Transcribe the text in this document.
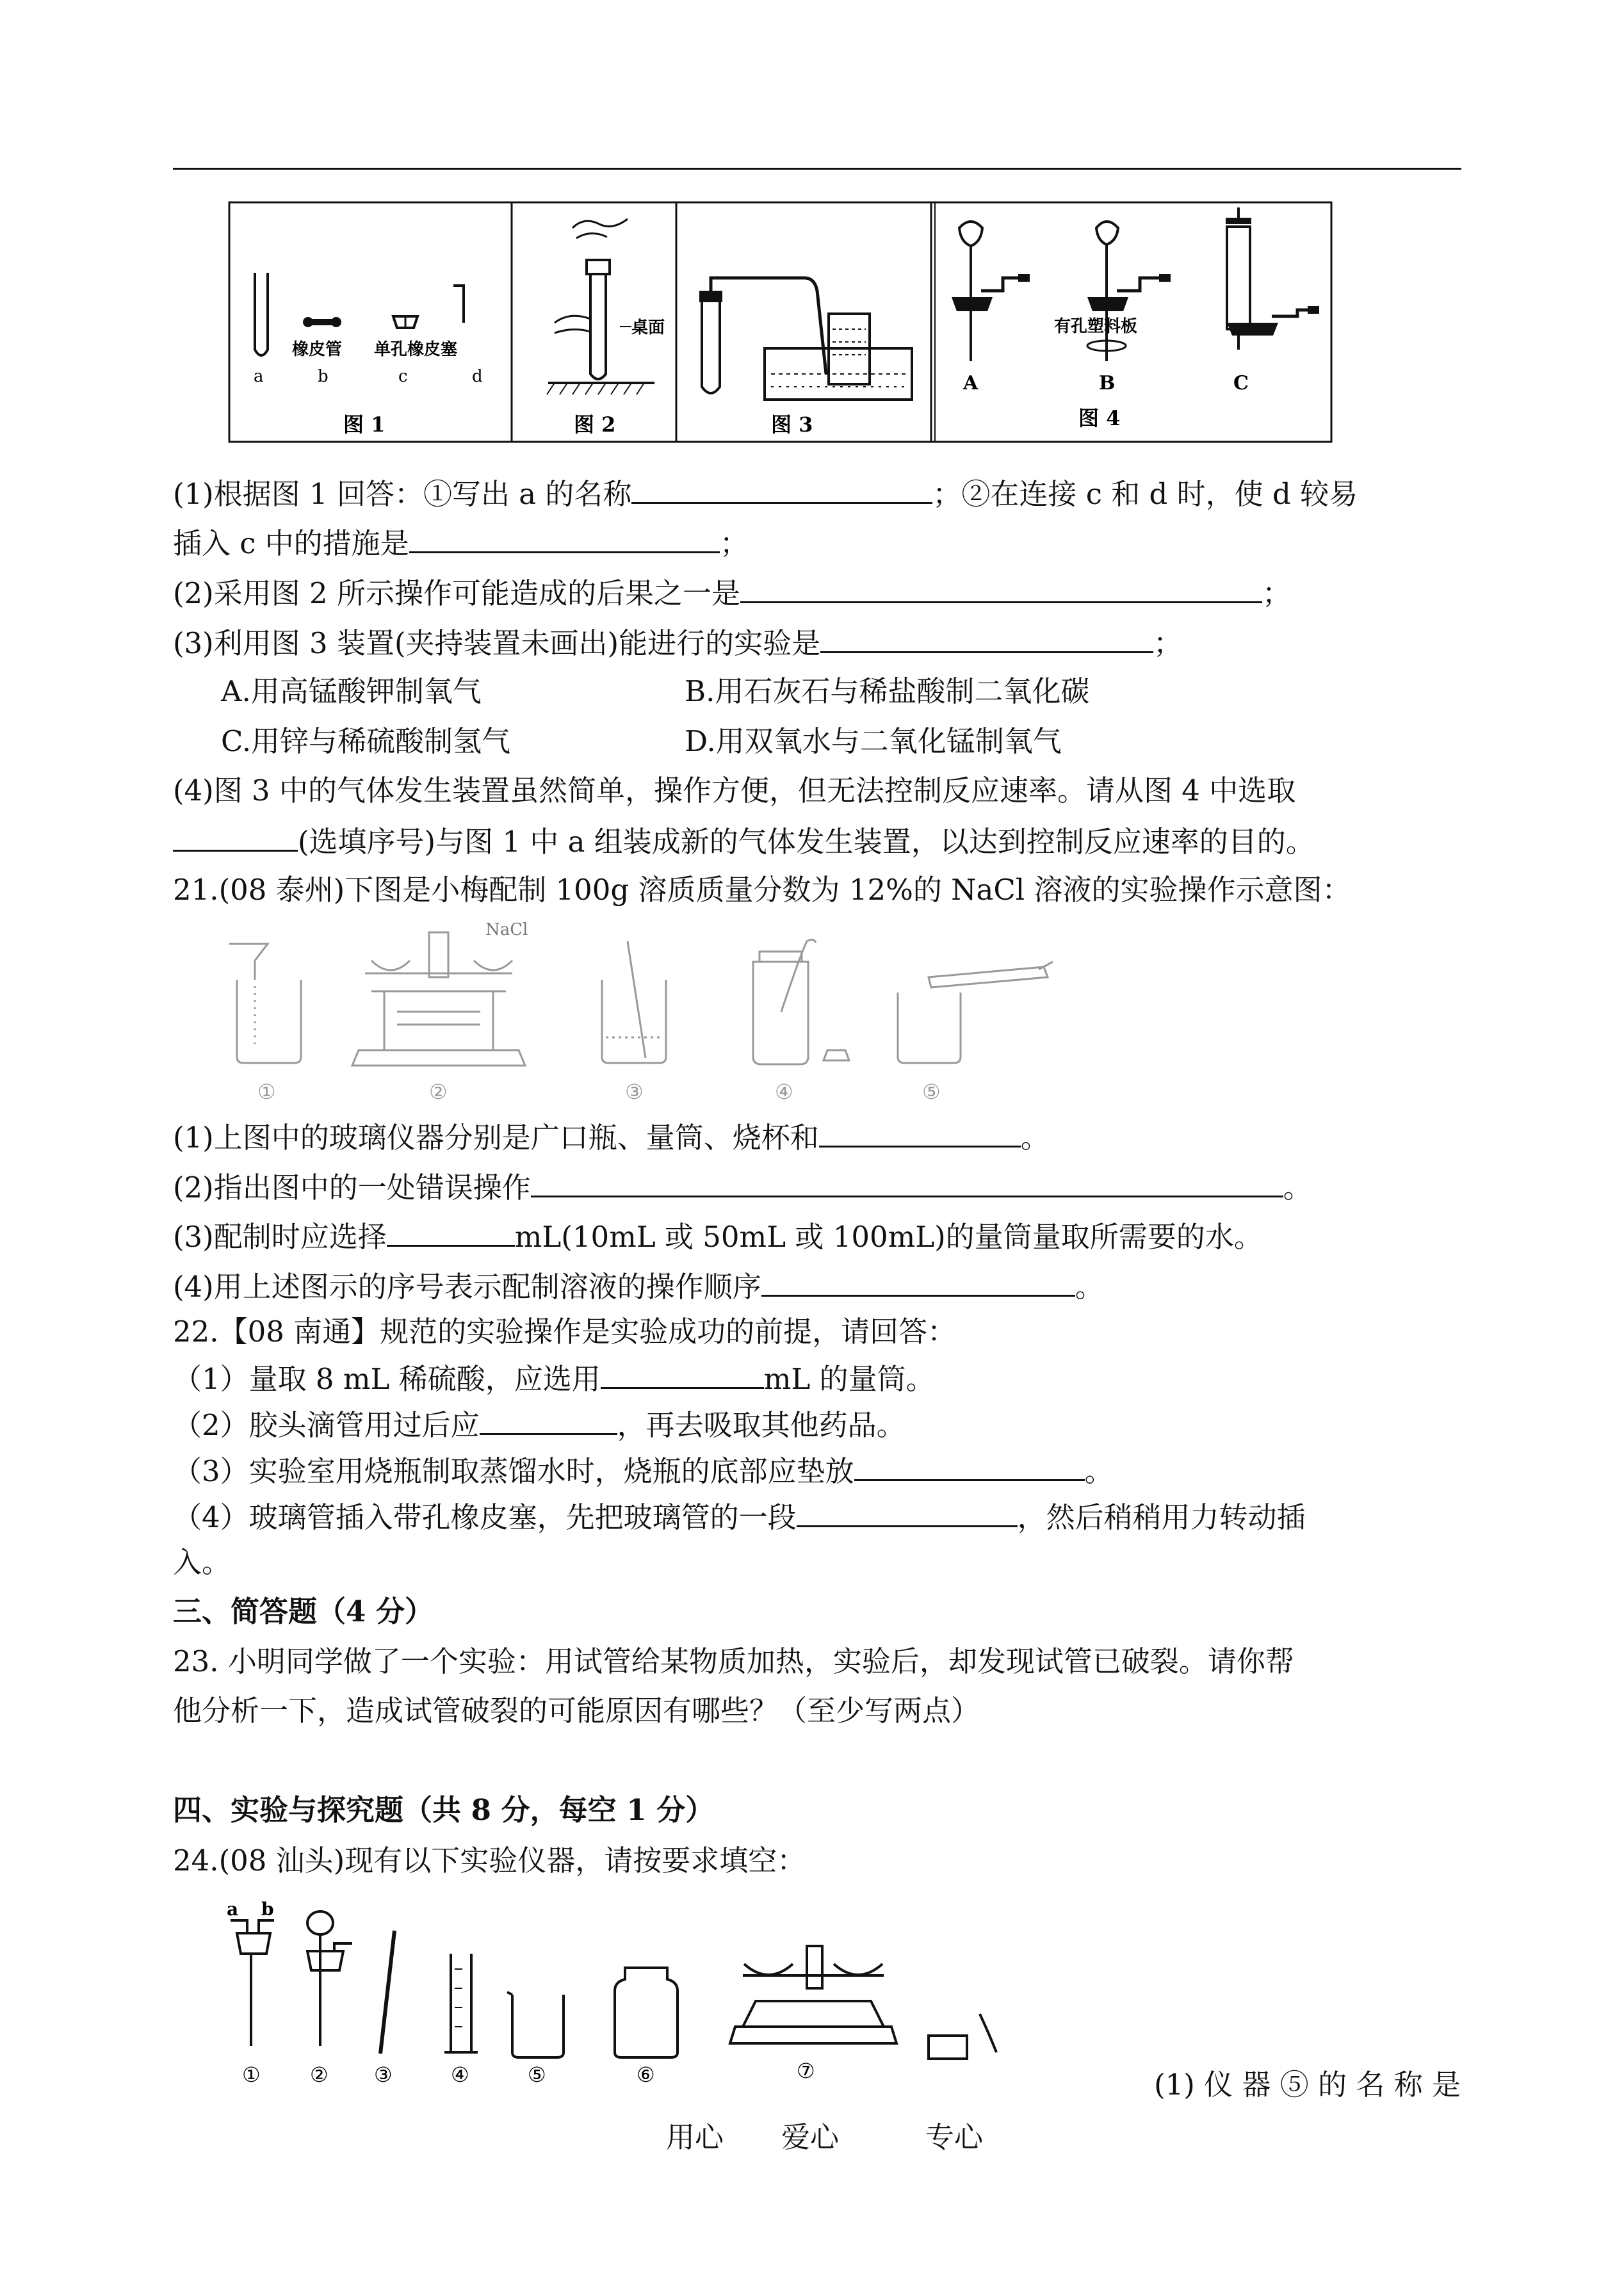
橡皮管 单孔橡皮塞
a	b	c	d
图 1
桌面
图 2	图 3
有孔塑料板
A	B	C
图 4
(1)根据图 1 回答：①写出 a 的名称	；②在连接 c 和 d 时，使 d 较易
插入 c 中的措施是	；
(2)采用图 2 所示操作可能造成的后果之一是	；
(3)利用图 3 装置(夹持装置未画出)能进行的实验是	；
A.用高锰酸钾制氧气	B.用石灰石与稀盐酸制二氧化碳
C.用锌与稀硫酸制氢气	D.用双氧水与二氧化锰制氧气
(4)图 3 中的气体发生装置虽然简单，操作方便，但无法控制反应速率。请从图 4 中选取
(选填序号)与图 1 中 a 组装成新的气体发生装置，以达到控制反应速率的目的。
21.(08 泰州)下图是小梅配制 100g 溶质质量分数为 12%的 NaCl 溶液的实验操作示意图：
NaCl
①	②	③	④	⑤
(1)上图中的玻璃仪器分别是广口瓶、量筒、烧杯和	。
(2)指出图中的一处错误操作	。
(3)配制时应选择	mL(10mL 或 50mL 或 100mL)的量筒量取所需要的水。
(4)用上述图示的序号表示配制溶液的操作顺序	。
22.【08 南通】规范的实验操作是实验成功的前提，请回答：
（1）量取 8 mL 稀硫酸，应选用	mL 的量筒。
（2）胶头滴管用过后应	，再去吸取其他药品。
（3）实验室用烧瓶制取蒸馏水时，烧瓶的底部应垫放	。
（4）玻璃管插入带孔橡皮塞，先把玻璃管的一段	，然后稍稍用力转动插
入。
三、简答题（4 分）
23. 小明同学做了一个实验：用试管给某物质加热，实验后，却发现试管已破裂。请你帮
他分析一下，造成试管破裂的可能原因有哪些？（至少写两点）
四、实验与探究题（共 8 分，每空 1 分）
24.(08 汕头)现有以下实验仪器，请按要求填空：
a b
① ② ③	④	⑤	⑥	⑦	(1) 仪 器 ⑤ 的 名 称 是
用心　　爱心　　　专心
